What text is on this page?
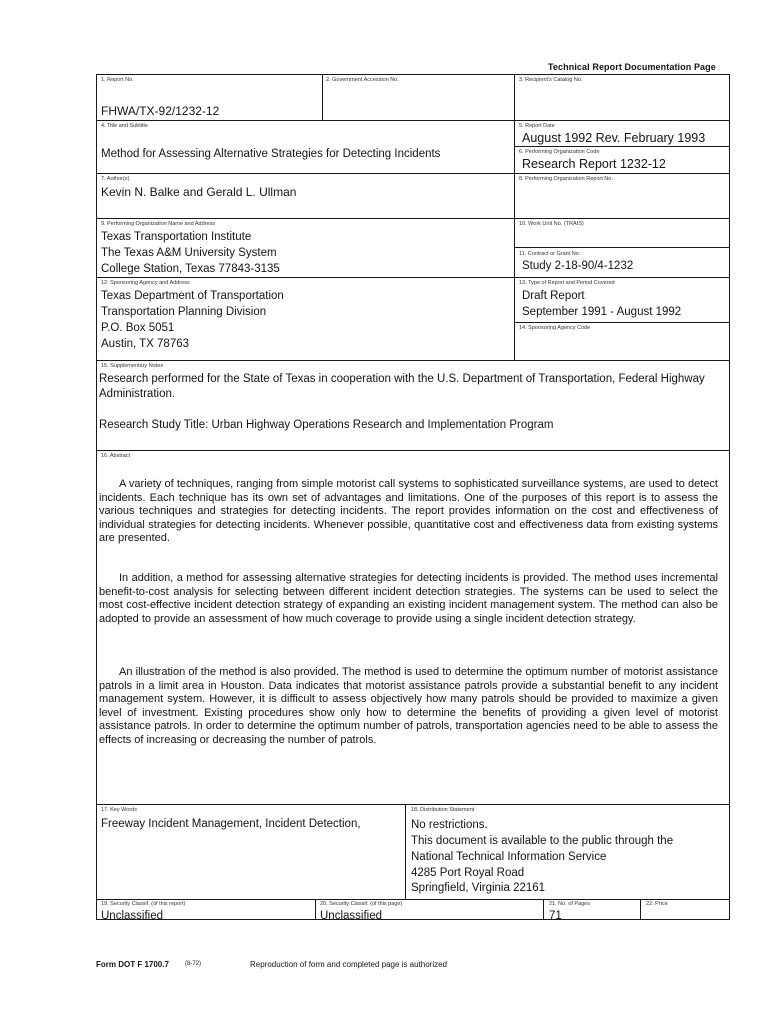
Technical Report Documentation Page
1. Report No.
FHWA/TX-92/1232-12
2. Government Accession No.	3. Recipient's Catalog No.
4. Title and Subtitle
Method for Assessing Alternative Strategies for Detecting Incidents
5. Report Date
August 1992 Rev. February 1993
6. Performing Organization Code
Research Report 1232-12
7. Author(s)
Kevin N. Balke and Gerald L. Ullman
8. Performing Organization Report No.
9. Performing Organization Name and Address
Texas Transportation Institute
The Texas A&M University System
College Station, Texas 77843-3135
10. Work Unit No. (TRAIS)
11. Contract or Grant No.
Study 2-18-90/4-1232
12. Sponsoring Agency and Address
Texas Department of Transportation
Transportation Planning Division
P.O. Box 5051
Austin, TX 78763
13. Type of Report and Period Covered
Draft Report
September 1991 - August 1992
14. Sponsoring Agency Code
15. Supplementary Notes
Research performed for the State of Texas in cooperation with the U.S. Department of Transportation, Federal Highway Administration.
Research Study Title: Urban Highway Operations Research and Implementation Program
16. Abstract
A variety of techniques, ranging from simple motorist call systems to sophisticated surveillance systems, are used to detect incidents. Each technique has its own set of advantages and limitations. One of the purposes of this report is to assess the various techniques and strategies for detecting incidents. The report provides information on the cost and effectiveness of individual strategies for detecting incidents. Whenever possible, quantitative cost and effectiveness data from existing systems are presented.
In addition, a method for assessing alternative strategies for detecting incidents is provided. The method uses incremental benefit-to-cost analysis for selecting between different incident detection strategies. The systems can be used to select the most cost-effective incident detection strategy of expanding an existing incident management system. The method can also be adopted to provide an assessment of how much coverage to provide using a single incident detection strategy.
An illustration of the method is also provided. The method is used to determine the optimum number of motorist assistance patrols in a limit area in Houston. Data indicates that motorist assistance patrols provide a substantial benefit to any incident management system. However, it is difficult to assess objectively how many patrols should be provided to maximize a given level of investment. Existing procedures show only how to determine the benefits of providing a given level of motorist assistance patrols. In order to determine the optimum number of patrols, transportation agencies need to be able to assess the effects of increasing or decreasing the number of patrols.
17. Key Words
Freeway Incident Management, Incident Detection,
18. Distribution Statement
No restrictions.
This document is available to the public through the
National Technical Information Service
4285 Port Royal Road
Springfield, Virginia 22161
19. Security Classif. (of this report)
Unclassified
20. Security Classif. (of this page)
Unclassified
21. No. of Pages
71
22. Price
Form DOT F 1700.7	(8-72)	Reproduction of form and completed page is authorized
